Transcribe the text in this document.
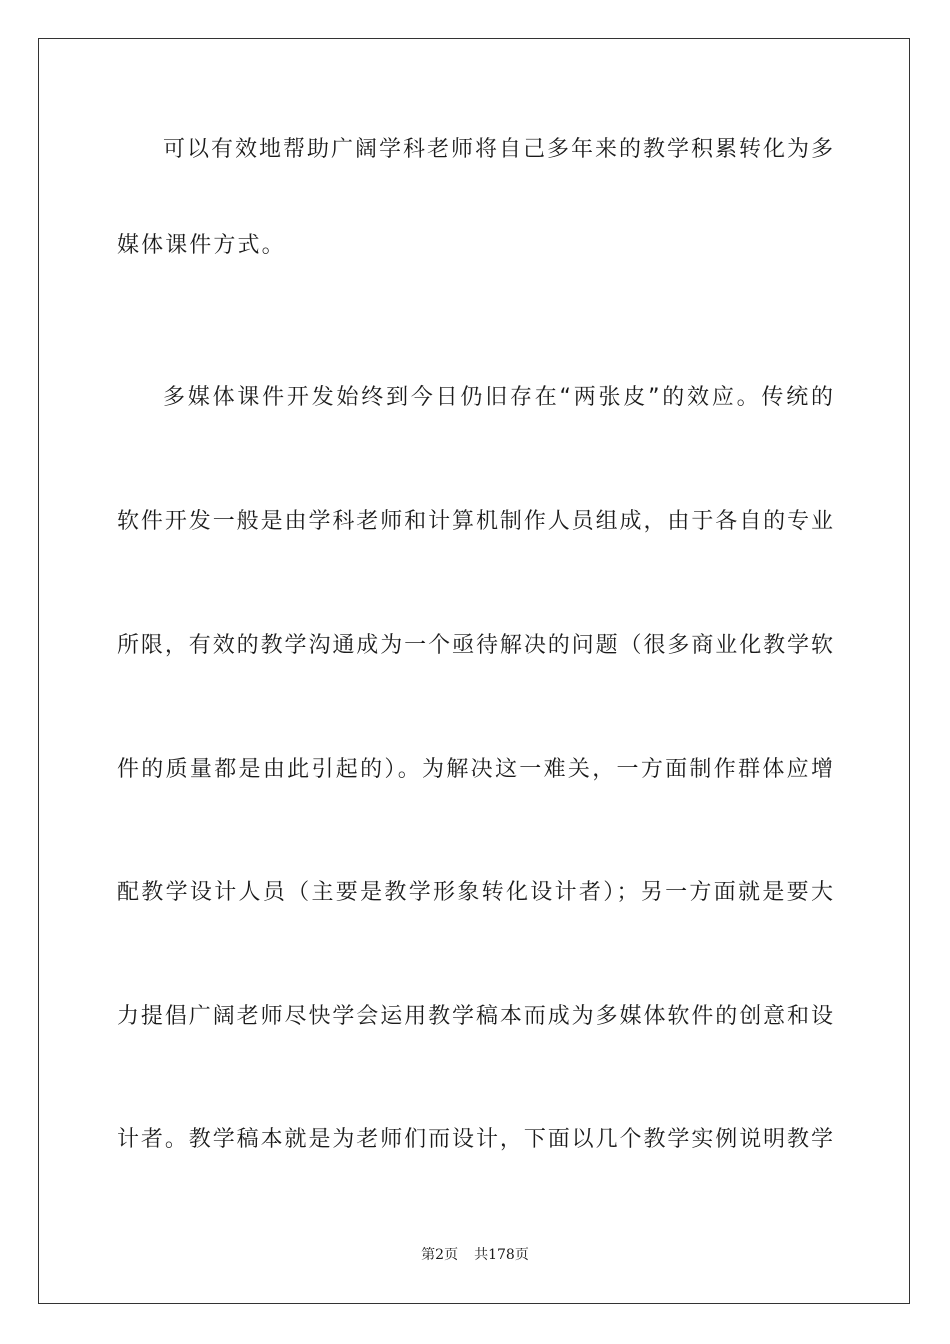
可以有效地帮助广阔学科老师将自己多年来的教学积累转化为多
媒体课件方式。
多媒体课件开发始终到今日仍旧存在“两张皮”的效应。传统的
软件开发一般是由学科老师和计算机制作人员组成，由于各自的专业
所限，有效的教学沟通成为一个亟待解决的问题（很多商业化教学软
件的质量都是由此引起的）。为解决这一难关，一方面制作群体应增
配教学设计人员（主要是教学形象转化设计者）；另一方面就是要大
力提倡广阔老师尽快学会运用教学稿本而成为多媒体软件的创意和设
计者。教学稿本就是为老师们而设计，下面以几个教学实例说明教学
第2页 共178页
